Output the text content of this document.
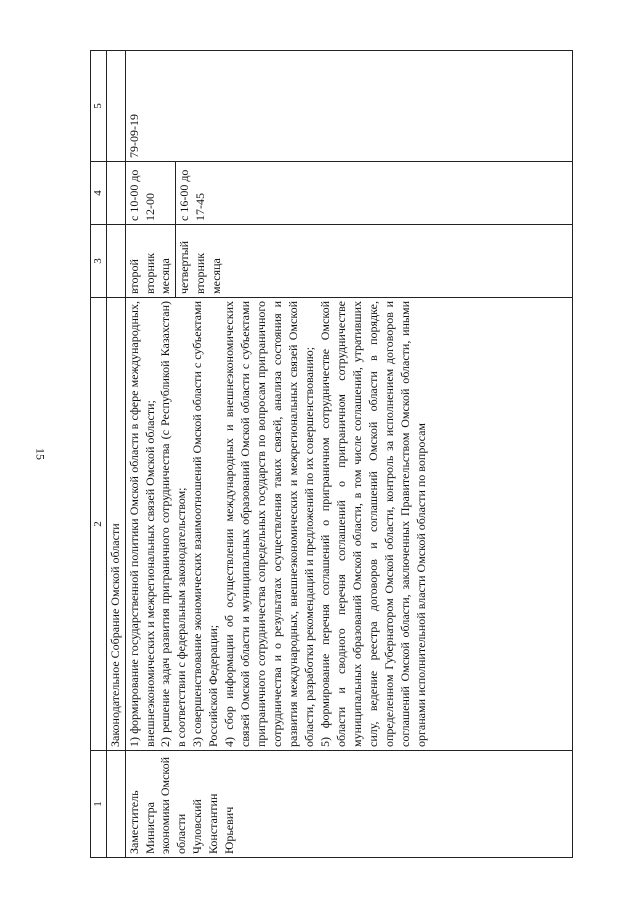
15
1	2	3	4	5
	Законодательное Собрание Омской области			

Заместитель Министра экономики Омской области Чуловский Константин Юрьевич	1) формирование государственной политики Омской области в сфере международных, внешнеэкономических и межрегиональных связей Омской области; 2) решение задач развития приграничного сотрудничества (с Республикой Казахстан) в соответствии с федеральным законодательством; 3) совершенствование экономических взаимоотношений Омской области с субъектами Российской Федерации; 4) сбор информации об осуществлении международных и внешнеэкономических связей Омской области и муниципальных образований Омской области с субъектами приграничного сотрудничества сопредельных государств по вопросам приграничного сотрудничества и о результатах осуществления таких связей, анализа состояния и развития международных, внешнеэкономических и межрегиональных связей Омской области, разработки рекомендаций и предложений по их совершенствованию; 5) формирование перечня соглашений о приграничном сотрудничестве Омской области и сводного перечня соглашений о приграничном сотрудничестве муниципальных образований Омской области, в том числе соглашений, утративших силу, ведение реестра договоров и соглашений Омской области в порядке, определенном Губернатором Омской области, контроль за исполнением договоров и соглашений Омской области, заключенных Правительством Омской области, иными органами исполнительной власти Омской области по вопросам	второй вторник месяца	с 10-00 до 12-00	79-09-19
		четвертый вторник месяца	с 16-00 до 17-45	
